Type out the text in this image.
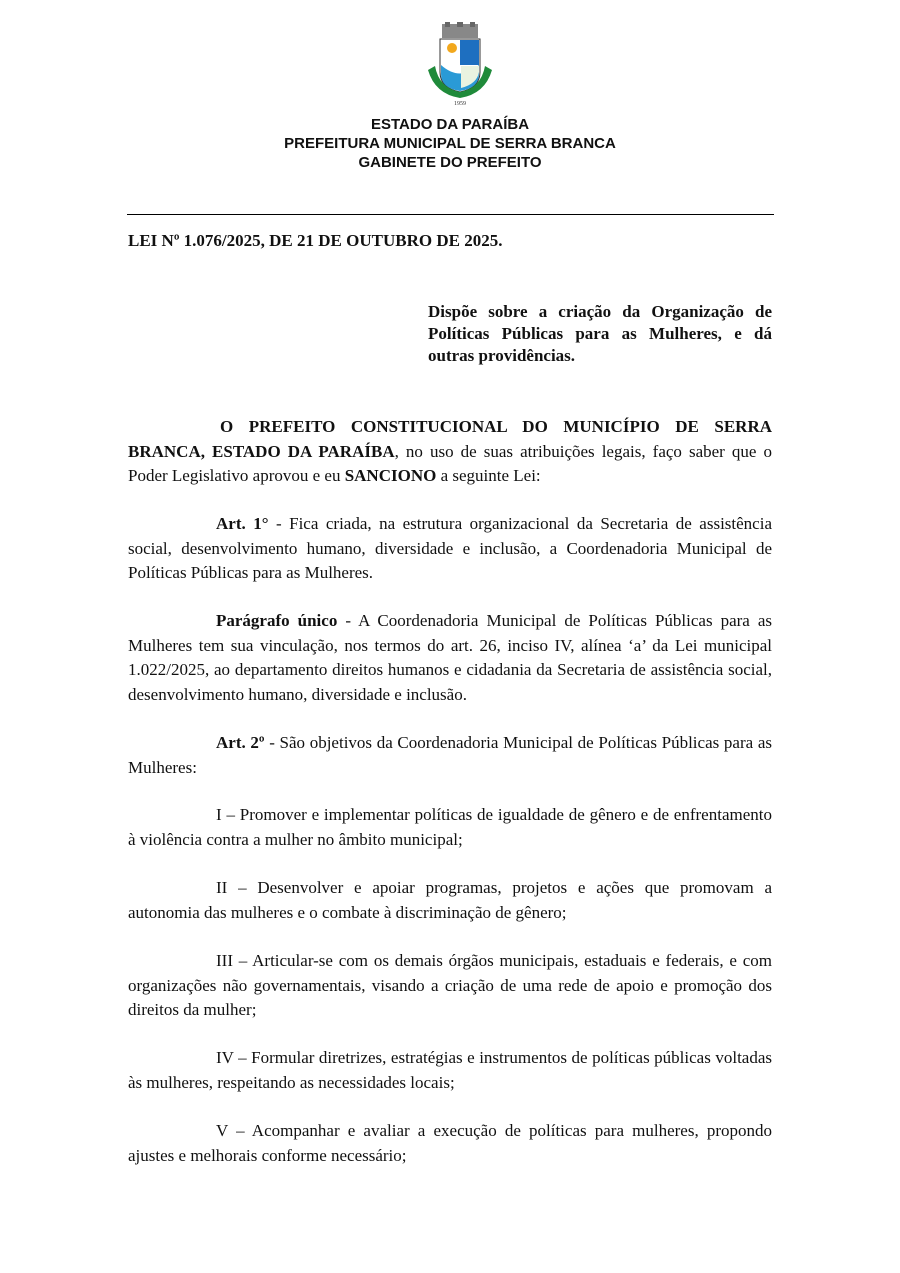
1959
ESTADO DA PARAÍBA
PREFEITURA MUNICIPAL DE SERRA BRANCA
GABINETE DO PREFEITO
LEI Nº 1.076/2025, DE 21 DE OUTUBRO DE 2025.
Dispõe sobre a criação da Organização de Políticas Públicas para as Mulheres, e dá outras providências.
O PREFEITO CONSTITUCIONAL DO MUNICÍPIO DE SERRA BRANCA, ESTADO DA PARAÍBA, no uso de suas atribuições legais, faço saber que o Poder Legislativo aprovou e eu SANCIONO a seguinte Lei:
Art. 1° - Fica criada, na estrutura organizacional da Secretaria de assistência social, desenvolvimento humano, diversidade e inclusão, a Coordenadoria Municipal de Políticas Públicas para as Mulheres.
Parágrafo único - A Coordenadoria Municipal de Políticas Públicas para as Mulheres tem sua vinculação, nos termos do art. 26, inciso IV, alínea ‘a’ da Lei municipal 1.022/2025, ao departamento direitos humanos e cidadania da Secretaria de assistência social, desenvolvimento humano, diversidade e inclusão.
Art. 2º - São objetivos da Coordenadoria Municipal de Políticas Públicas para as Mulheres:
I – Promover e implementar políticas de igualdade de gênero e de enfrentamento à violência contra a mulher no âmbito municipal;
II – Desenvolver e apoiar programas, projetos e ações que promovam a autonomia das mulheres e o combate à discriminação de gênero;
III – Articular-se com os demais órgãos municipais, estaduais e federais, e com organizações não governamentais, visando a criação de uma rede de apoio e promoção dos direitos da mulher;
IV – Formular diretrizes, estratégias e instrumentos de políticas públicas voltadas às mulheres, respeitando as necessidades locais;
V – Acompanhar e avaliar a execução de políticas para mulheres, propondo ajustes e melhorais conforme necessário;
